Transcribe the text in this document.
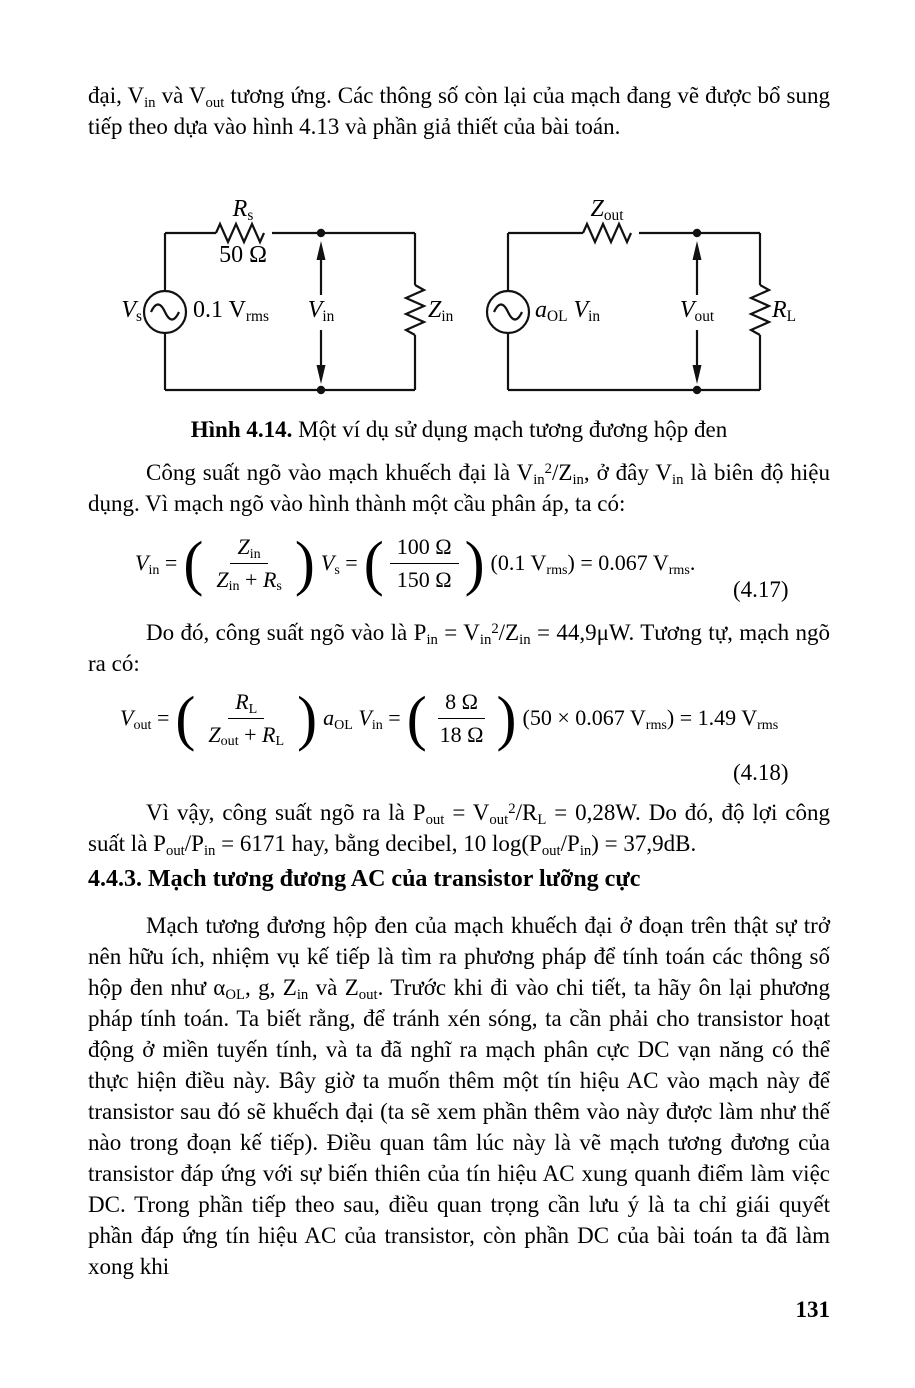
đại, $V_{in}$ và $V_{out}$ tương ứng. Các thông số còn lại của mạch đang vẽ được bổ sung tiếp theo dựa vào hình 4.13 và phần giả thiết của bài toán.

$R_s$
50 Ω
$V_s$ 0.1 $V_{rms}$	$V_{in}$	$Z_{in}$
$Z_{out}$
$a_{OL}$ $V_{in}$	$V_{out}$	$R_L$

Hình 4.14. Một ví dụ sử dụng mạch tương đương hộp đen

Công suất ngõ vào mạch khuếch đại là $V_{in}^2/Z_{in}$, ở đây $V_{in}$ là biên độ hiệu dụng. Vì mạch ngõ vào hình thành một cầu phân áp, ta có:

$V_{in}$ = ( $\frac{Z_{in}}{Z_{in} + R_s}$ ) $V_s$ = ( $\frac{100 \Omega}{150 \Omega}$ ) (0.1 $V_{rms}) = 0.067$ $V_{rms}$.
(4.17)

Do đó, công suất ngõ vào là $P_{in} = V_{in}^2/Z_{in} = 44,9\mu W$. Tương tự, mạch ngõ ra có:

$V_{out}$ = ( $\frac{R_L}{Z_{out} + R_L}$ ) $a_{OL}$ $V_{in}$ = ( $\frac{8 \Omega}{18 \Omega}$ ) (50 × 0.067 $V_{rms}) = 1.49$ $V_{rms}$
(4.18)

Vì vậy, công suất ngõ ra là $P_{out} = V_{out}^2/R_L = 0,28W$. Do đó, độ lợi công suất là $P_{out}/P_{in} = 6171$ hay, bằng decibel, 10 $\log(P_{out}/P_{in}) = 37,9dB$.

4.4.3. Mạch tương đương AC của transistor lưỡng cực

Mạch tương đương hộp đen của mạch khuếch đại ở đoạn trên thật sự trở nên hữu ích, nhiệm vụ kế tiếp là tìm ra phương pháp để tính toán các thông số hộp đen như $\alpha_{OL}$, g, $Z_{in}$ và $Z_{out}$. Trước khi đi vào chi tiết, ta hãy ôn lại phương pháp tính toán. Ta biết rằng, để tránh xén sóng, ta cần phải cho transistor hoạt động ở miền tuyến tính, và ta đã nghĩ ra mạch phân cực DC vạn năng có thể thực hiện điều này. Bây giờ ta muốn thêm một tín hiệu AC vào mạch này để transistor sau đó sẽ khuếch đại (ta sẽ xem phần thêm vào này được làm như thế nào trong đoạn kế tiếp). Điều quan tâm lúc này là vẽ mạch tương đương của transistor đáp ứng với sự biến thiên của tín hiệu AC xung quanh điểm làm việc DC. Trong phần tiếp theo sau, điều quan trọng cần lưu ý là ta chỉ giái quyết phần đáp ứng tín hiệu AC của transistor, còn phần DC của bài toán ta đã làm xong khi

131
